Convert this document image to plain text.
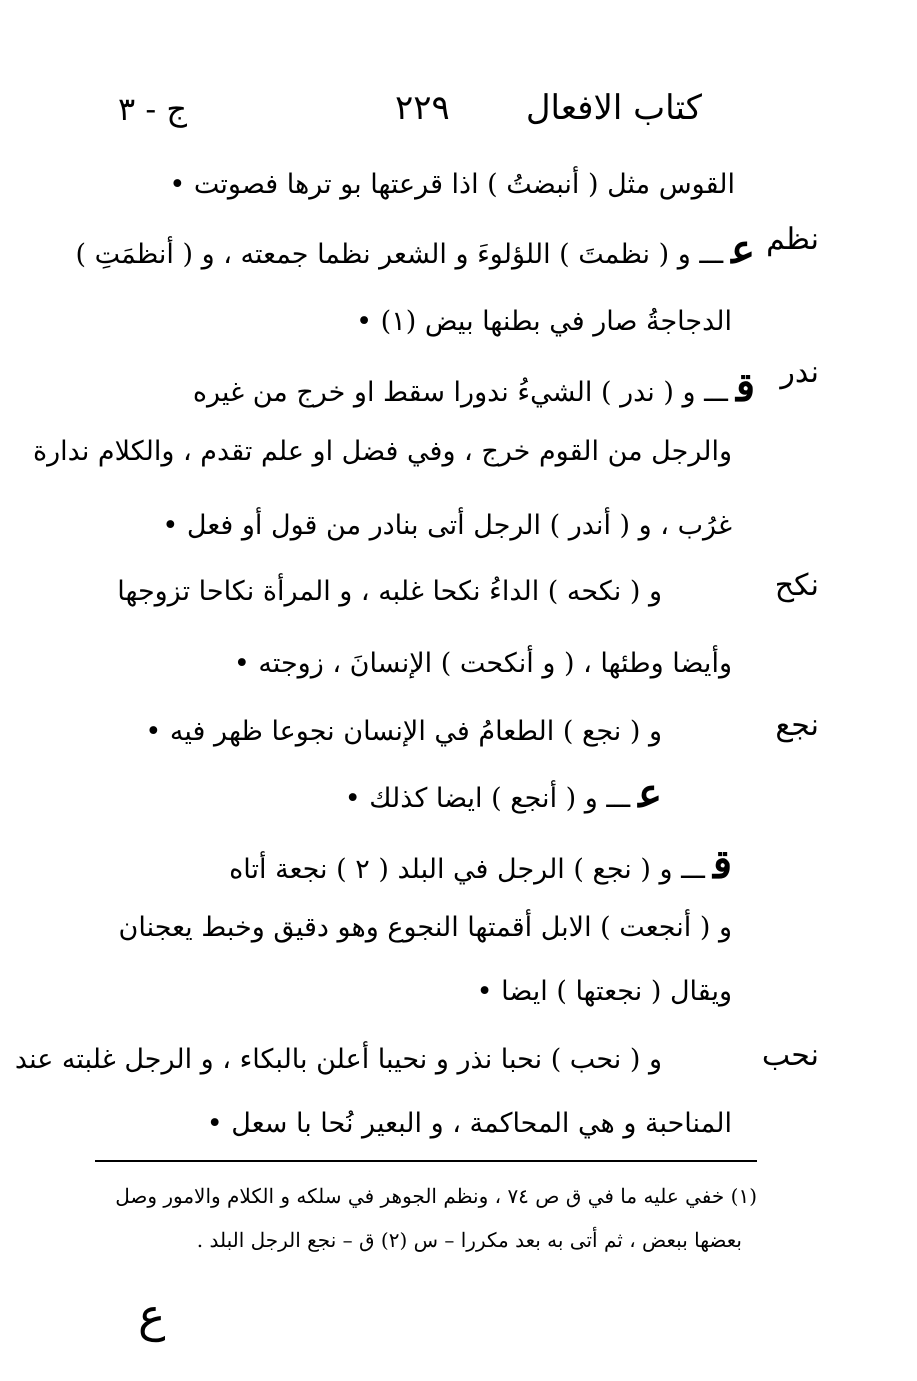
كتاب الافعال
٢٢٩
ج - ٣
نظم
ندر
نكح
نجع
نحب
القوس مثل ( أنبضتُ ) اذا قرعتها بو ترها فصوتت •
عـــ و ( نظمتَ ) اللؤلوءَ و الشعر نظما جمعته ، و ( أنظمَتِ )
الدجاجةُ صار في بطنها بيض (١) •
قـــ و ( ندر ) الشيءُ ندورا سقط او خرج من غيره
والرجل من القوم خرج ، وفي فضل او علم تقدم ، والكلام ندارة
غرُب ، و ( أندر ) الرجل أتى بنادر من قول أو فعل •
و ( نكحه ) الداءُ نكحا غلبه ، و المرأة نكاحا تزوجها
وأيضا وطئها ، ( و أنكحت ) الإنسانَ ، زوجته •
و ( نجع ) الطعامُ في الإنسان نجوعا ظهر فيه •
عـــ و ( أنجع ) ايضا كذلك •
قـــ و ( نجع ) الرجل في البلد ( ٢ ) نجعة أتاه
و ( أنجعت ) الابل أقمتها النجوع وهو دقيق وخبط يعجنان
ويقال ( نجعتها ) ايضا •
و ( نحب ) نحبا نذر و نحيبا أعلن بالبكاء ، و الرجل غلبته عند
المناحبة و هي المحاكمة ، و البعير نُحا با سعل •
(١) خفي عليه ما في ق ص ٧٤ ، ونظم الجوهر في سلكه و الكلام والامور وصل
بعضها ببعض ، ثم أتى به بعد مكررا – س (٢) ق – نجع الرجل البلد .
ع
